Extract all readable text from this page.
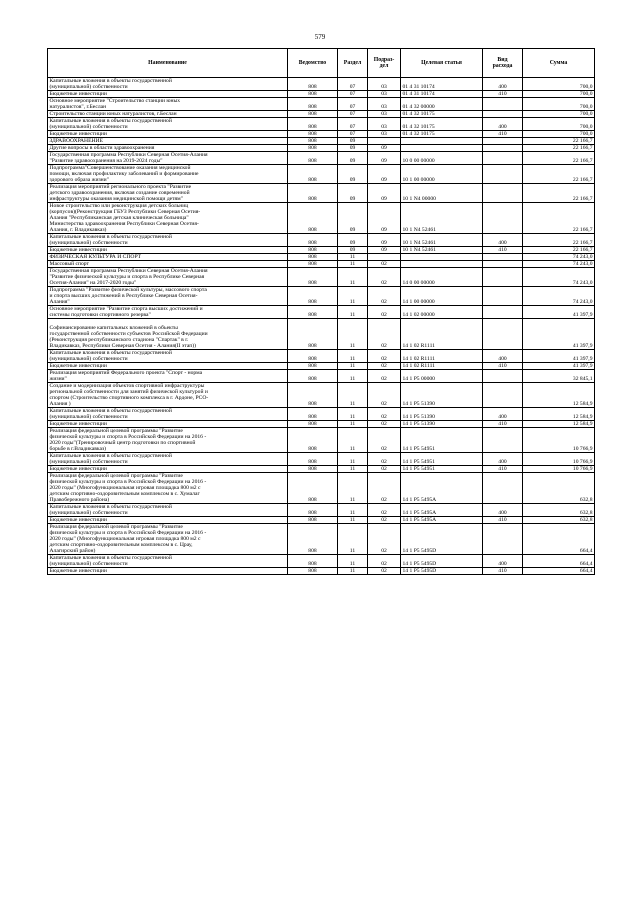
579
Наименование	Ведомство	Раздел	Подраз-
дел	Целевая статья	Вид
расхода	Сумма
Капитальные вложения в объекты государственной
(муниципальной) собственности	808	07	03	01 4 31 10174	400	700,0
Бюджетные инвестиции	808	07	03	01 4 31 10174	410	700,0
Основное мероприятие "Строительство станции юных
натуралистов", г.Беслан	808	07	03	01 4 32 00000		700,0
Строительство станции юных натуралистов, г.Беслан	808	07	03	01 4 32 10175		700,0
Капитальные вложения в объекты государственной
(муниципальной) собственности	808	07	03	01 4 32 10175	400	700,0
Бюджетные инвестиции	808	07	03	01 4 32 10175	410	700,0
ЗДРАВООХРАНЕНИЕ	808	09				22 166,7
Другие вопросы в области здравоохранения	808	09	09			22 166,7
Государственная программа Республики Северная Осетия-Алания
"Развитие здравоохранения на 2019-2024 годы"	808	09	09	10 0 00 00000		22 166,7
Подпрограмма"Совершенствование оказания медицинской
помощи, включая профилактику заболеваний и формирование
здорового образа жизни"	808	09	09	10 1 00 00000		22 166,7
Реализация мероприятий регионального проекта "Развитие
детского здравоохранения, включая создание современной
инфраструктуры оказания медицинской помощи детям"	808	09	09	10 1 N4 00000		22 166,7
Новое строительство или реконструкция детских больниц
(корпусов)(Реконструкция ГБУЗ Республики Северная Осетия-
Алания "Республиканская детская клиническая больница"
Министерства здравоохранения Республики Северная Осетия-
Алания, г. Владикавказ)	808	09	09	10 1 N4 52461		22 166,7
Капитальные вложения в объекты государственной
(муниципальной) собственности	808	09	09	10 1 N4 52461	400	22 166,7
Бюджетные инвестиции	808	09	09	10 1 N4 52461	410	22 166,7
ФИЗИЧЕСКАЯ КУЛЬТУРА И СПОРТ	808	11				74 243,0
Массовый спорт	808	11	02			74 243,0
Государственная программа Республики Северная Осетия-Алания
"Развитие физической культуры и спорта в Республике Северная
Осетия-Алания" на 2017-2020 годы"	808	11	02	14 0 00 00000		74 243,0
Подпрограмма "Развитие физической культуры, массового спорта
и спорта высших достижений в Республике Северная Осетия-
Алания"	808	11	02	14 1 00 00000		74 243,0
Основное мероприятие "Развитие спорта высших достижений и
системы подготовки спортивного резерва"	808	11	02	14 1 02 00000		41 397,9

Софинансирование капитальных вложений в объекты
государственной собственности субъектов Российской Федерации
(Реконструкция республиканского стадиона "Спартак" в г.
Владикавказ, Республики Северная Осетия - Алания(II этап))	808	11	02	14 1 02 R1111		41 397,9
Капитальные вложения в объекты государственной
(муниципальной) собственности	808	11	02	14 1 02 R1111	400	41 397,9
Бюджетные инвестиции	808	11	02	14 1 02 R1111	410	41 397,9
Реализация мероприятий Федерального проекта "Спорт - норма
жизни"	808	11	02	14 1 P5 00000		32 845,1
Создание и модернизация объектов спортивной инфраструктуры
региональной собственности для занятий физической культурой и
спортом (Строительство спортивного комплекса в г. Ардоне, РСО-
Алания )	808	11	02	14 1 P5 51390		12 584,9
Капитальные вложения в объекты государственной
(муниципальной) собственности	808	11	02	14 1 P5 51390	400	12 584,9
Бюджетные инвестиции	808	11	02	14 1 P5 51390	410	12 584,9
Реализация федеральной целевой программы "Развитие
физической культуры и спорта в Российской Федерации на 2016 -
2020 годы"(Тренировочный центр подготовки по спортивной
борьбе в г.Владикавказ)	808	11	02	14 1 P5 54951		10 766,9
Капитальные вложения в объекты государственной
(муниципальной) собственности	808	11	02	14 1 P5 54951	400	10 766,9
Бюджетные инвестиции	808	11	02	14 1 P5 54951	410	10 766,9
Реализация федеральной целевой программы "Развитие
физической культуры и спорта в Российской Федерации на 2016 -
2020 годы" (Многофункциональная игровая площадка 800 м2 с
детским спортивно-оздоровительным комплексом в с. Хумалаг
Правобережного района)	808	11	02	14 1 P5 5495A		632,8
Капитальные вложения в объекты государственной
(муниципальной) собственности	808	11	02	14 1 P5 5495A	400	632,8
Бюджетные инвестиции	808	11	02	14 1 P5 5495A	410	632,8
Реализация федеральной целевой программы "Развитие
физической культуры и спорта в Российской Федерации на 2016 -
2020 годы" (Многофункциональная игровая площадка 800 м2 с
детским спортивно-оздоровительным комплексом в с. Црау,
Алагирский район)	808	11	02	14 1 P5 5495D		664,4
Капитальные вложения в объекты государственной
(муниципальной) собственности	808	11	02	14 1 P5 5495D	400	664,4
Бюджетные инвестиции	808	11	02	14 1 P5 5495D	410	664,4
